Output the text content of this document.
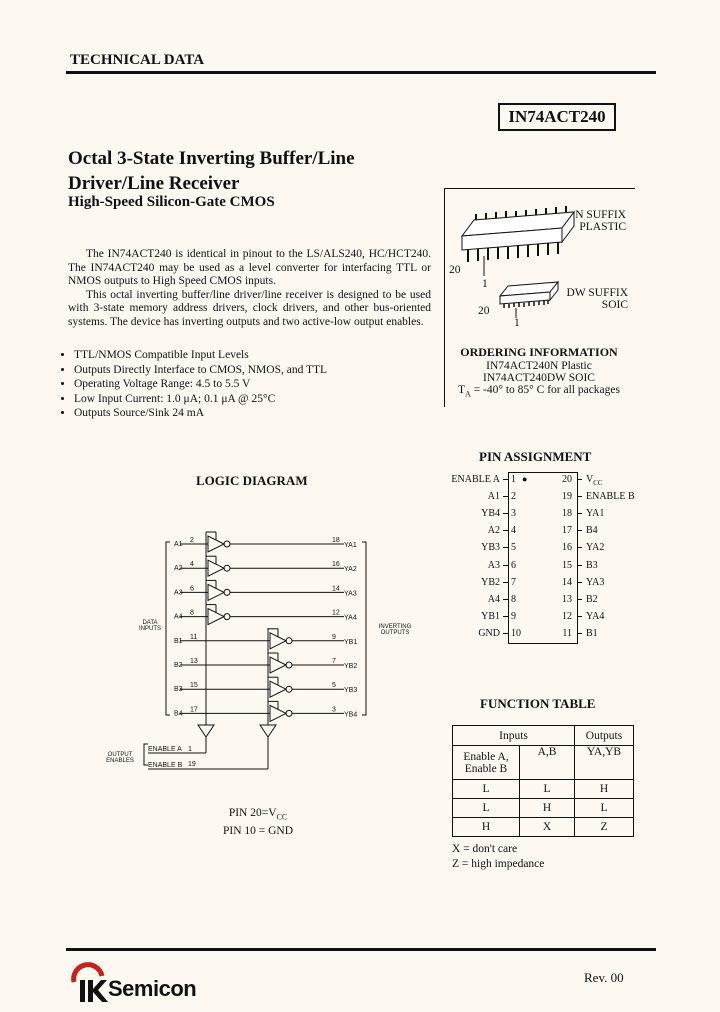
TECHNICAL DATA
IN74ACT240
Octal 3-State Inverting Buffer/Line
Driver/Line Receiver
High-Speed Silicon-Gate CMOS

The IN74ACT240 is identical in pinout to the LS/ALS240, HC/HCT240. The IN74ACT240 may be used as a level converter for interfacing TTL or NMOS outputs to High Speed CMOS inputs.

This octal inverting buffer/line driver/line receiver is designed to be used with 3-state memory address drivers, clock drivers, and other bus-oriented systems. The device has inverting outputs and two active-low output enables.

• TTL/NMOS Compatible Input Levels
• Outputs Directly Interface to CMOS, NMOS, and TTL
• Operating Voltage Range: 4.5 to 5.5 V
• Low Input Current: 1.0 μA; 0.1 μA @ 25°C
• Outputs Source/Sink 24 mA
N SUFFIX
PLASTIC
20
1
DW SUFFIX
SOIC
20
1
ORDERING INFORMATION
IN74ACT240N Plastic
IN74ACT240DW SOIC
$T_A = -40^\circ$ to 85° C for all packages
LOGIC DIAGRAM
A1
2	18
YA1
A2
4	16
YA2
A3
6	14
YA3
A4
8	12
YA4
B1
11	9
YB1
B2
13	7
YB2
B3
15	5
YB3
B4
17	3
YB4
ENABLE A
ENABLE B
1
19
DATA
INPUTS	INVERTING
OUTPUTS
OUTPUT
ENABLES
PIN $20=V_{CC}$
PIN 10 = GND
PIN ASSIGNMENT
●
ENABLE A 1	20 $V_{CC}$
A1 2	19 ENABLE B
YB4 3	18 YA1
A2 4	17 B4
YB3 5	16 YA2
A3 6	15 B3
YB2 7	14 YA3
A4 8	13 B2
YB1 9	12 YA4
GND 10	11 B1
FUNCTION TABLE
Inputs		Outputs

Enable A,
Enable B	A,B	YA,YB
L	L	H
L	H	L
H	X	Z
X = don't care
Z = high impedance
Semicon	Rev. 00
